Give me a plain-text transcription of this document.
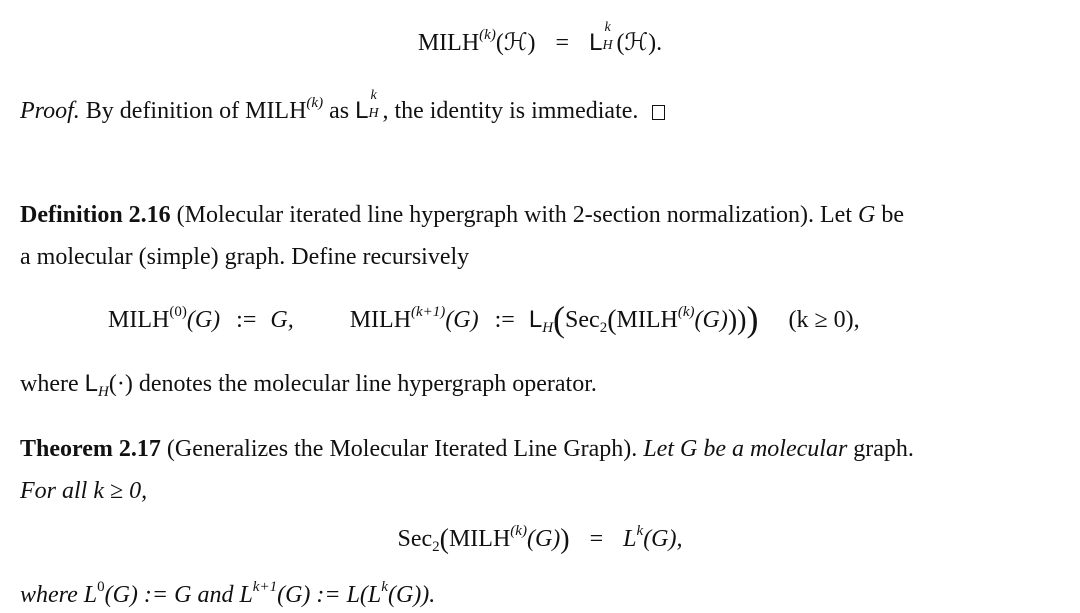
$MILH^{(k)}(ℋ) = L$
k
H (ℋ).
Proof. By definition of MILH$^{(k)}$ as L
k
H , the identity is immediate.
Definition 2.16 (Molecular iterated line hypergraph with 2-section normalization). Let G be
a molecular (simple) graph. Define recursively
MILH$^{(0)}$(G) := G, $MILH^{(k+1)}(G)$ := $L_H(Sec_2(MILH^{(k)}(G)))$) (k ≥ 0),
where $L_H(\cdot)$ denotes the molecular line hypergraph operator.
Theorem 2.17 (Generalizes the Molecular Iterated Line Graph). Let G be a molecular graph.
For all k ≥ 0,
$Sec_2(MILH^{(k)}(G)) = L^k(G)$,
where $L^0(G)$ := G and $L^{k+1}(G)$ := $L(L^k(G))$.
